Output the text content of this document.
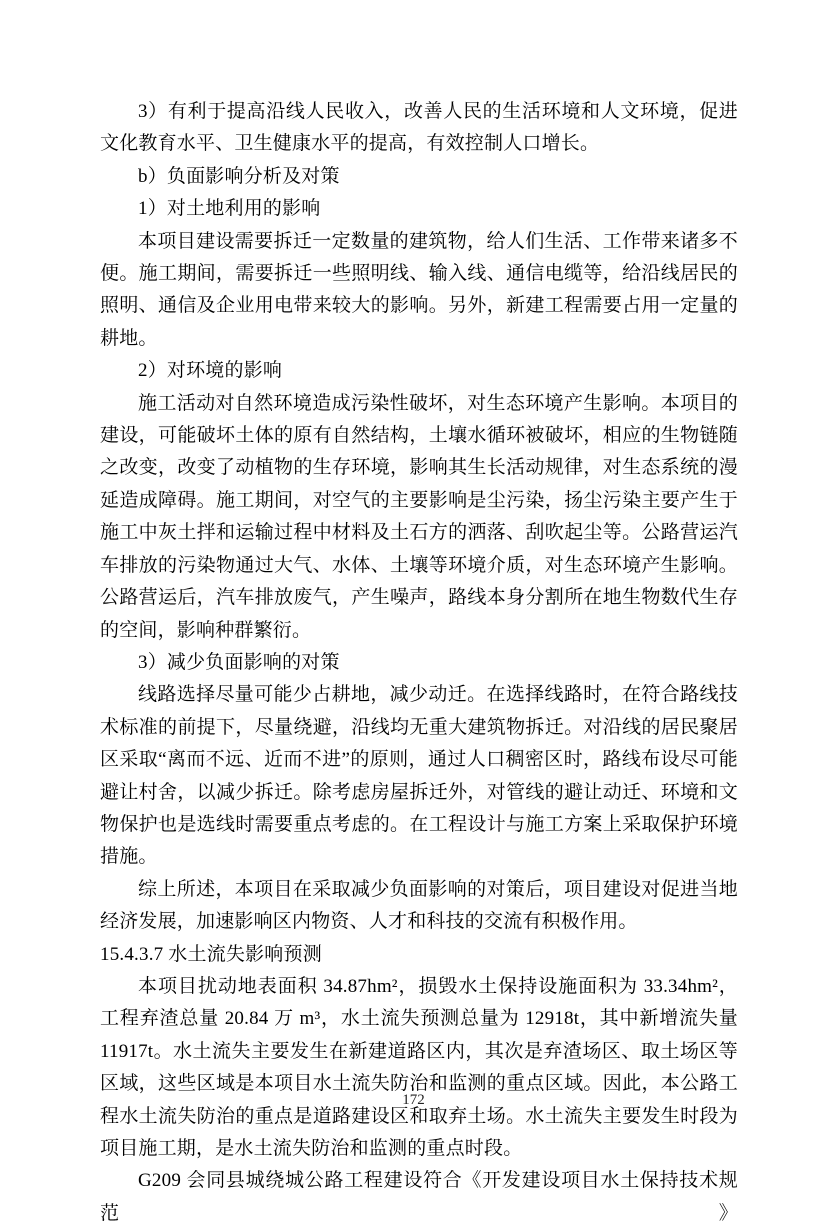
3）有利于提高沿线人民收入，改善人民的生活环境和人文环境，促进文化教育水平、卫生健康水平的提高，有效控制人口增长。

b）负面影响分析及对策

1）对土地利用的影响

本项目建设需要拆迁一定数量的建筑物，给人们生活、工作带来诸多不便。施工期间，需要拆迁一些照明线、输入线、通信电缆等，给沿线居民的照明、通信及企业用电带来较大的影响。另外，新建工程需要占用一定量的耕地。

2）对环境的影响

施工活动对自然环境造成污染性破坏，对生态环境产生影响。本项目的建设，可能破坏土体的原有自然结构，土壤水循环被破坏，相应的生物链随之改变，改变了动植物的生存环境，影响其生长活动规律，对生态系统的漫延造成障碍。施工期间，对空气的主要影响是尘污染，扬尘污染主要产生于施工中灰土拌和运输过程中材料及土石方的洒落、刮吹起尘等。公路营运汽车排放的污染物通过大气、水体、土壤等环境介质，对生态环境产生影响。公路营运后，汽车排放废气，产生噪声，路线本身分割所在地生物数代生存的空间，影响种群繁衍。

3）减少负面影响的对策

线路选择尽量可能少占耕地，减少动迁。在选择线路时，在符合路线技术标准的前提下，尽量绕避，沿线均无重大建筑物拆迁。对沿线的居民聚居区采取“离而不远、近而不进”的原则，通过人口稠密区时，路线布设尽可能避让村舍，以减少拆迁。除考虑房屋拆迁外，对管线的避让动迁、环境和文物保护也是选线时需要重点考虑的。在工程设计与施工方案上采取保护环境措施。

综上所述，本项目在采取减少负面影响的对策后，项目建设对促进当地经济发展，加速影响区内物资、人才和科技的交流有积极作用。

15.4.3.7 水土流失影响预测

本项目扰动地表面积 34.87hm²，损毁水土保持设施面积为 33.34hm²，工程弃渣总量 20.84 万 m³，水土流失预测总量为 12918t，其中新增流失量 11917t。水土流失主要发生在新建道路区内，其次是弃渣场区、取土场区等区域，这些区域是本项目水土流失防治和监测的重点区域。因此，本公路工程水土流失防治的重点是道路建设区和取弃土场。水土流失主要发生时段为项目施工期，是水土流失防治和监测的重点时段。

G209 会同县城绕城公路工程建设符合《开发建设项目水土保持技术规范》

172
